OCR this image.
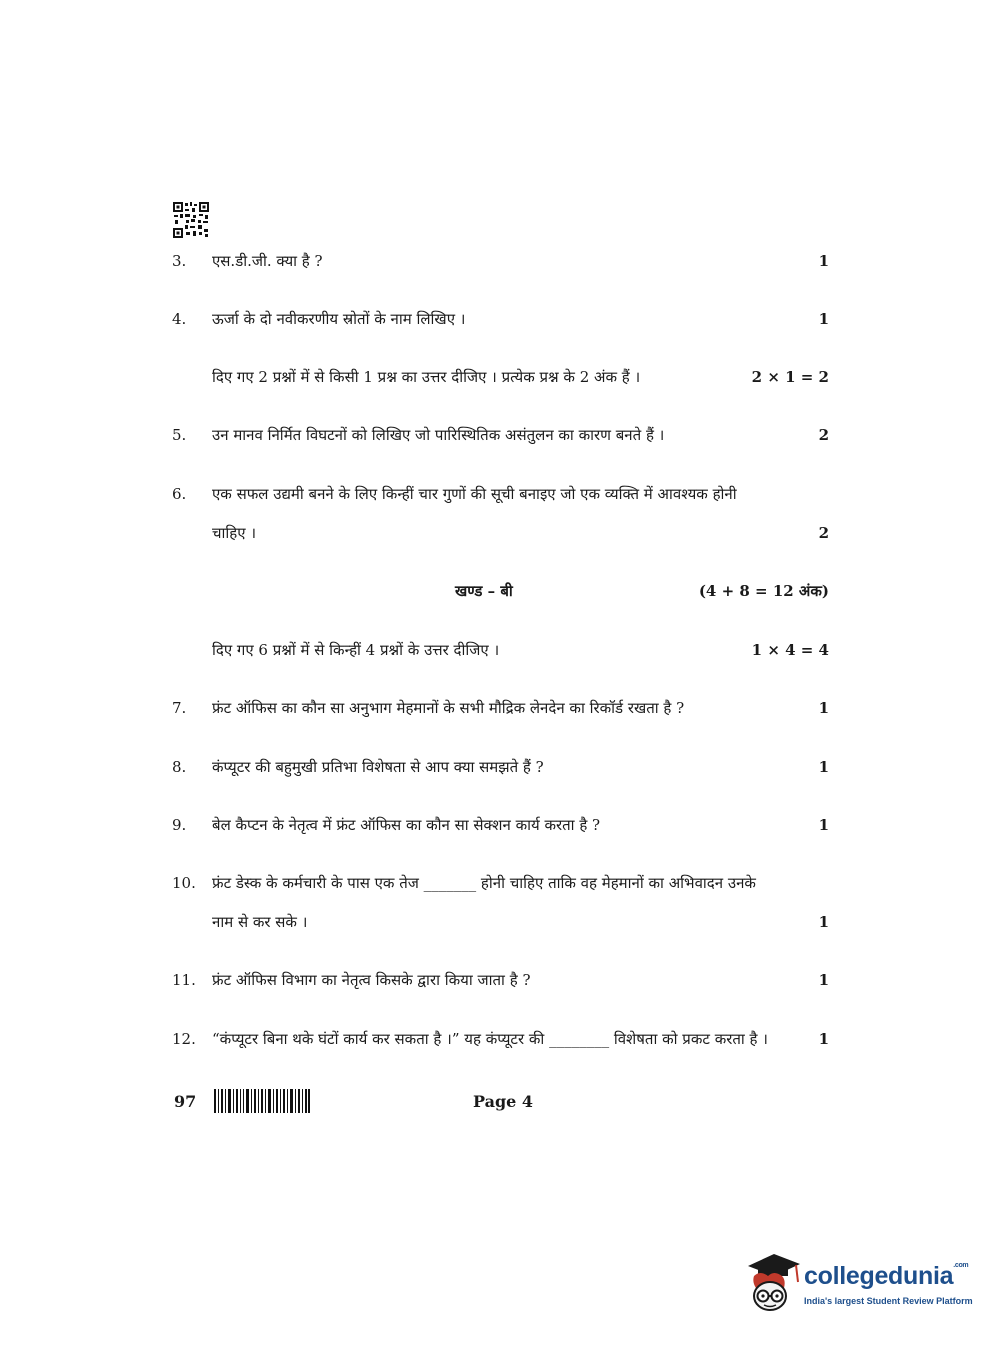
3. एस.डी.जी. क्या है ?	1
4. ऊर्जा के दो नवीकरणीय स्रोतों के नाम लिखिए ।	1
दिए गए 2 प्रश्नों में से किसी 1 प्रश्न का उत्तर दीजिए । प्रत्येक प्रश्न के 2 अंक हैं ।	2 × 1 = 2
5. उन मानव निर्मित विघटनों को लिखिए जो पारिस्थितिक असंतुलन का कारण बनते हैं ।	2
6. एक सफल उद्यमी बनने के लिए किन्हीं चार गुणों की सूची बनाइए जो एक व्यक्ति में आवश्यक होनी
चाहिए ।	2
खण्ड – बी	(4 + 8 = 12 अंक)
दिए गए 6 प्रश्नों में से किन्हीं 4 प्रश्नों के उत्तर दीजिए ।	1 × 4 = 4
7. फ्रंट ऑफिस का कौन सा अनुभाग मेहमानों के सभी मौद्रिक लेनदेन का रिकॉर्ड रखता है ?	1
8. कंप्यूटर की बहुमुखी प्रतिभा विशेषता से आप क्या समझते हैं ?	1
9. बेल कैप्टन के नेतृत्व में फ्रंट ऑफिस का कौन सा सेक्शन कार्य करता है ?	1
10. फ्रंट डेस्क के कर्मचारी के पास एक तेज _______ होनी चाहिए ताकि वह मेहमानों का अभिवादन उनके
नाम से कर सके ।	1
11. फ्रंट ऑफिस विभाग का नेतृत्व किसके द्वारा किया जाता है ?	1
12. “कंप्यूटर बिना थके घंटों कार्य कर सकता है ।” यह कंप्यूटर की ________ विशेषता को प्रकट करता है ।	1
97	Page 4
collegedunia$^{.com}$
India's largest Student Review Platform
